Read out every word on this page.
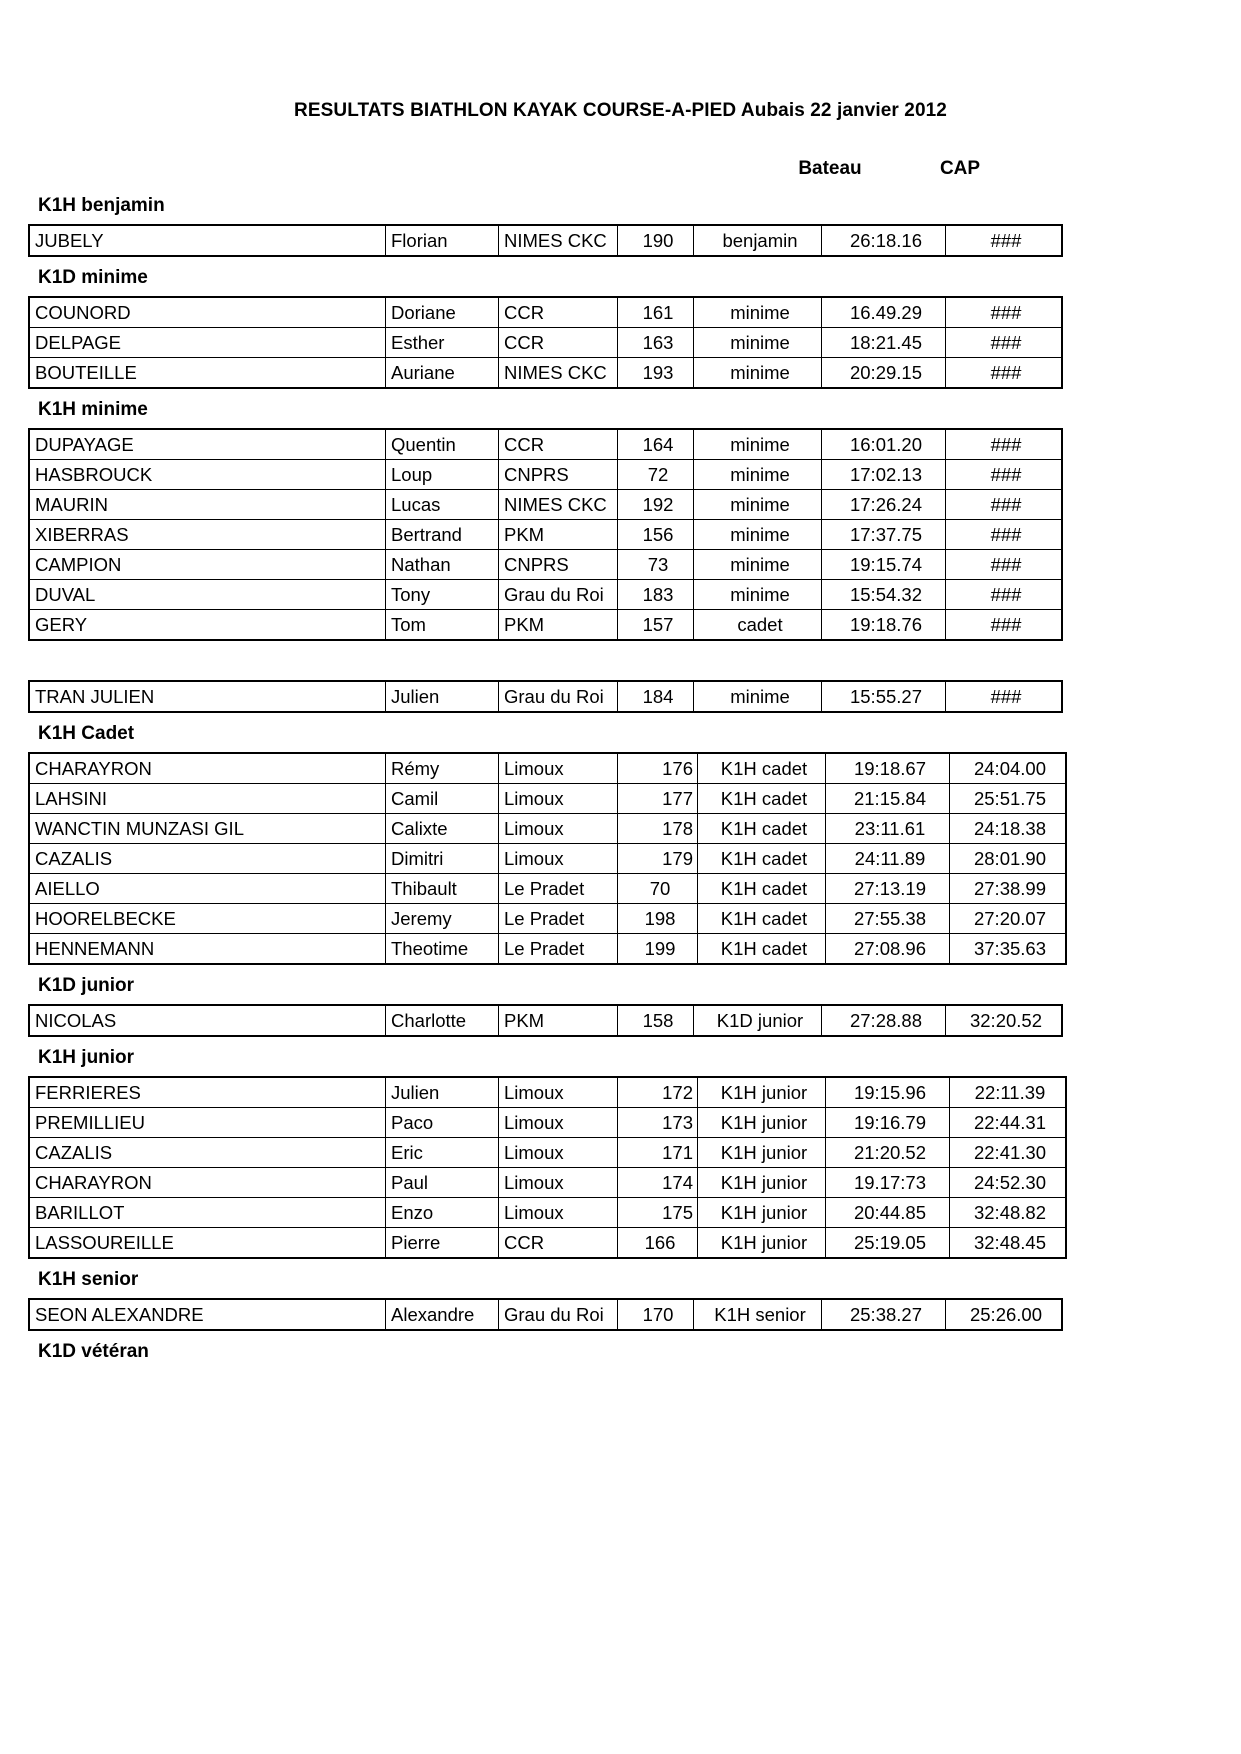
RESULTATS BIATHLON KAYAK COURSE-A-PIED Aubais 22 janvier 2012
Bateau	CAP
K1H benjamin
JUBELY	Florian	NIMES CKC	190	benjamin	26:18.16	###
K1D minime
COUNORD	Doriane	CCR	161	minime	16.49.29	###
DELPAGE	Esther	CCR	163	minime	18:21.45	###
BOUTEILLE	Auriane	NIMES CKC	193	minime	20:29.15	###
K1H minime
DUPAYAGE	Quentin	CCR	164	minime	16:01.20	###
HASBROUCK	Loup	CNPRS	72	minime	17:02.13	###
MAURIN	Lucas	NIMES CKC	192	minime	17:26.24	###
XIBERRAS	Bertrand	PKM	156	minime	17:37.75	###
CAMPION	Nathan	CNPRS	73	minime	19:15.74	###
DUVAL	Tony	Grau du Roi	183	minime	15:54.32	###
GERY	Tom	PKM	157	cadet	19:18.76	###
TRAN JULIEN	Julien	Grau du Roi	184	minime	15:55.27	###
K1H Cadet
CHARAYRON	Rémy	Limoux	176	K1H cadet	19:18.67	24:04.00
LAHSINI	Camil	Limoux	177	K1H cadet	21:15.84	25:51.75
WANCTIN MUNZASI GIL	Calixte	Limoux	178	K1H cadet	23:11.61	24:18.38
CAZALIS	Dimitri	Limoux	179	K1H cadet	24:11.89	28:01.90
AIELLO	Thibault	Le Pradet	70	K1H cadet	27:13.19	27:38.99
HOORELBECKE	Jeremy	Le Pradet	198	K1H cadet	27:55.38	27:20.07
HENNEMANN	Theotime	Le Pradet	199	K1H cadet	27:08.96	37:35.63
K1D junior
NICOLAS	Charlotte	PKM	158	K1D junior	27:28.88	32:20.52
K1H junior
FERRIERES	Julien	Limoux	172	K1H junior	19:15.96	22:11.39
PREMILLIEU	Paco	Limoux	173	K1H junior	19:16.79	22:44.31
CAZALIS	Eric	Limoux	171	K1H junior	21:20.52	22:41.30
CHARAYRON	Paul	Limoux	174	K1H junior	19.17:73	24:52.30
BARILLOT	Enzo	Limoux	175	K1H junior	20:44.85	32:48.82
LASSOUREILLE	Pierre	CCR	166	K1H junior	25:19.05	32:48.45
K1H senior
SEON ALEXANDRE	Alexandre	Grau du Roi	170	K1H senior	25:38.27	25:26.00
K1D vétéran
